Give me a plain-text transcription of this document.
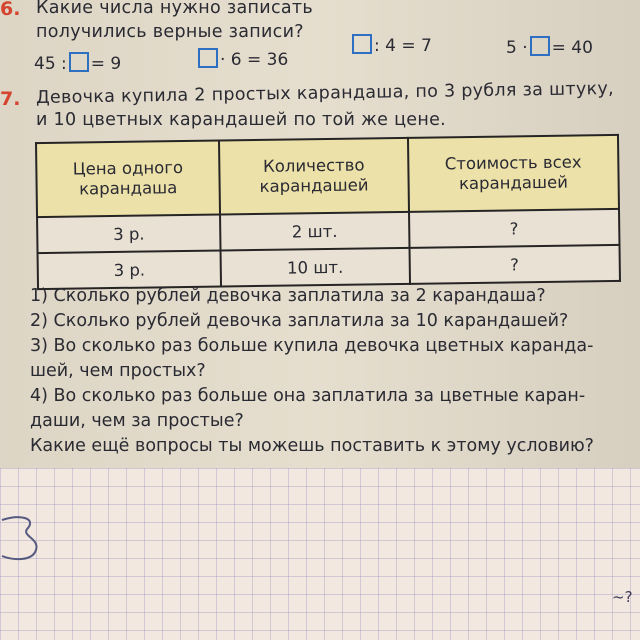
6. Какие числа нужно записать
получились верные записи?
45 : = 9	· 6 = 36
: 4 = 7	5 · = 40
7. Девочка купила 2 простых карандаша, по 3 рубля за штуку,
и 10 цветных карандашей по той же цене.
Цена одного карандаша	Количество карандашей	Стоимость всех карандашей
3 р.	2 шт.	?
3 р.	10 шт.	?
1) Сколько рублей девочка заплатила за 2 карандаша?
2) Сколько рублей девочка заплатила за 10 карандашей?
3) Во сколько раз больше купила девочка цветных каранда-
шей, чем простых?
4) Во сколько раз больше она заплатила за цветные каран-
даши, чем за простые?
Какие ещё вопросы ты можешь поставить к этому условию?
~?
